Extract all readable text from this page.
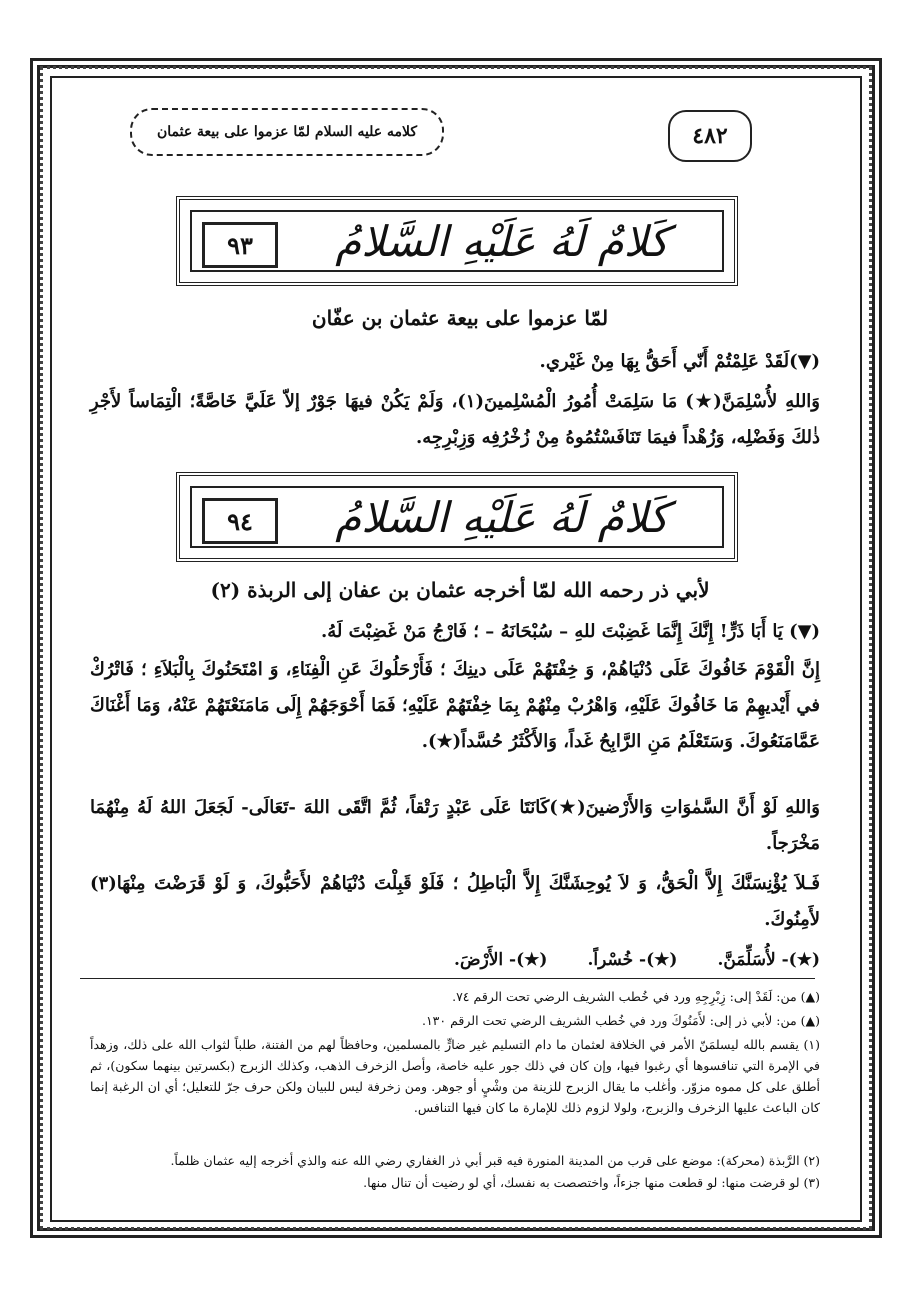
كلامه عليه السلام لمّا عزموا على بيعة عثمان	٤٨٢
٩٣	كَلامٌ لَهُ عَلَيْهِ السَّلامُ
لمّا عزموا على بيعة عثمان بن عفّان
(▼)لَقَدْ عَلِمْتُمْ أَنّي أَحَقُّ بِهَا مِنْ غَيْري.
وَاللهِ لأُسْلِمَنَّ(★) مَا سَلِمَتْ أُمُورُ الْمُسْلِمينَ(١)، وَلَمْ يَكُنْ فيهَا جَوْرٌ إلاّ عَلَيَّ خَاصَّةً؛ الْتِمَاساً لأَجْرِ ذٰلكَ وَفَضْلِه، وَزُهْداً فيمَا تَنَافَسْتُمُوهُ مِنْ زُخْرُفِه وَزِبْرِجِه.
٩٤	كَلامٌ لَهُ عَلَيْهِ السَّلامُ
لأبي ذر رحمه الله لمّا أخرجه عثمان بن عفان إلى الربذة (٢)
(▼) يَا أَبَا ذَرٍّ! إِنَّكَ إِنَّمَا غَضِبْتَ للهِ – سُبْحَانَهُ – ؛ فَارْجُ مَنْ غَضِبْتَ لَهُ.
إِنَّ الْقَوْمَ خَافُوكَ عَلَى دُنْيَاهُمْ، وَ خِفْتَهُمْ عَلَى دينِكَ ؛ فَأَرْحَلُوكَ عَنِ الْفِنَاءِ، وَ امْتَحَنُوكَ بِالْبَلاَءِ ؛ فَاتْرُكْ في أَيْديهِمْ مَا خَافُوكَ عَلَيْهِ، وَاهْرُبْ مِنْهُمْ بِمَا خِفْتَهُمْ عَلَيْهِ؛ فَمَا أَحْوَجَهُمْ إِلَى مَامَنَعْتَهُمْ عَنْهُ، وَمَا أَغْنَاكَ عَمَّامَنَعُوكَ. وَسَتَعْلَمُ مَنِ الرَّابِحُ غَداً، وَالأَكْثَرُ حُسَّداً(★).
وَاللهِ لَوْ أَنَّ السَّمٰوَاتِ وَالأَرْضينَ(★)كَانَتَا عَلَى عَبْدٍ رَتْقاً، ثُمَّ اتَّقَى اللهَ -تَعَالَى- لَجَعَلَ اللهُ لَهُ مِنْهُمَا مَخْرَجاً.
فَـلاَ يُؤْنِسَنَّكَ إِلاَّ الْحَقُّ، وَ لاَ يُوحِشَنَّكَ إِلاَّ الْبَاطِلُ ؛ فَلَوْ قَبِلْتَ دُنْيَاهُمْ لأَحَبُّوكَ، وَ لَوْ قَرَضْتَ مِنْهَا(٣) لأَمِنُوكَ.
(★)- لأُسَلِّمَنَّ.
(★)- خُسْراً.
(★)- الأَرْضَ.
(▲) من: لَقَدْ إلى: زِبْرِجِهِ ورد في خُطب الشريف الرضي تحت الرقم ٧٤.
(▲) من: لأبي ذر إلى: لأَمَنُوكَ ورد في خُطب الشريف الرضي تحت الرقم ١٣٠.
(١) يقسم بالله ليسلمَنّ الأمر في الخلافة لعثمان ما دام التسليم غير ضارٍّ بالمسلمين، وحافظاً لهم من الفتنة، طلباً لثواب الله على ذلك، وزهداً في الإمرة التي تنافسوها أي رغبوا فيها، وإن كان في ذلك جور عليه خاصة، وأصل الزخرف الذهب، وكذلك الزبرج (بكسرتين بينهما سكون)، ثم أطلق على كل مموه مزوّر. وأغلب ما يقال الزبرج للزينة من وشْيٍ أو جوهر. ومن زخرفة ليس للبيان ولكن حرف جرّ للتعليل؛ أي ان الرغبة إنما كان الباعث عليها الزخرف والزبرج، ولولا لزوم ذلك للإمارة ما كان فيها التنافس.
(٢) الرَّبذة (محركة): موضع على قرب من المدينة المنورة فيه قبر أبي ذر الغفاري رضي الله عنه والذي أخرجه إليه عثمان ظلماً.
(٣) لو قرضت منها: لو قطعت منها جزءاً، واختصصت به نفسك، أي لو رضيت أن تنال منها.
